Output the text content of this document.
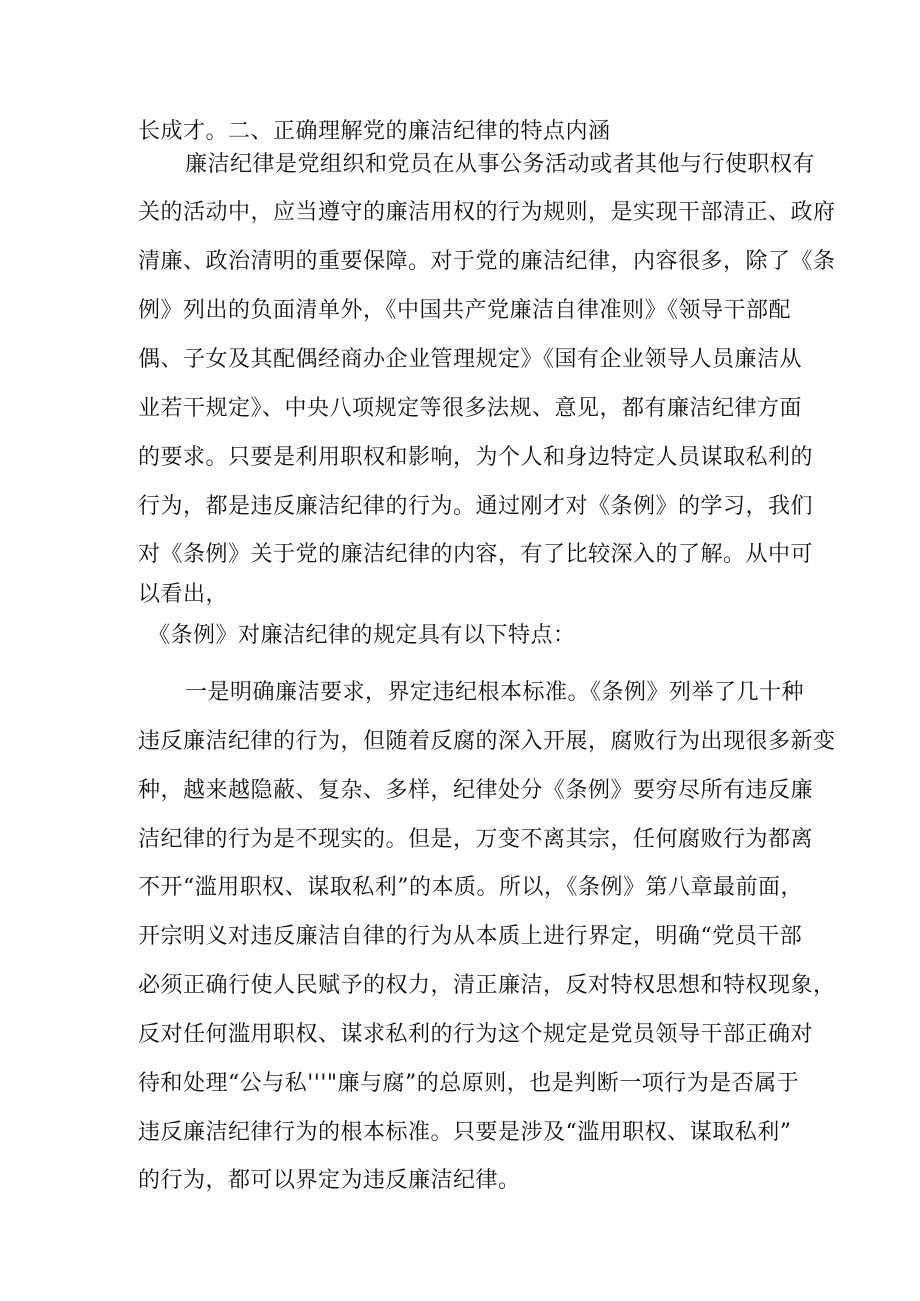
长成才。二、正确理解党的廉洁纪律的特点内涵
廉洁纪律是党组织和党员在从事公务活动或者其他与行使职权有
关的活动中，应当遵守的廉洁用权的行为规则，是实现干部清正、政府
清廉、政治清明的重要保障。对于党的廉洁纪律，内容很多，除了《条
例》列出的负面清单外，《中国共产党廉洁自律准则》《领导干部配
偶、子女及其配偶经商办企业管理规定》《国有企业领导人员廉洁从
业若干规定》、中央八项规定等很多法规、意见，都有廉洁纪律方面
的要求。只要是利用职权和影响，为个人和身边特定人员谋取私利的
行为，都是违反廉洁纪律的行为。通过刚才对《条例》的学习，我们
对《条例》关于党的廉洁纪律的内容，有了比较深入的了解。从中可
以看出，
《条例》对廉洁纪律的规定具有以下特点：
一是明确廉洁要求，界定违纪根本标准。《条例》列举了几十种
违反廉洁纪律的行为，但随着反腐的深入开展，腐败行为出现很多新变
种，越来越隐蔽、复杂、多样，纪律处分《条例》要穷尽所有违反廉
洁纪律的行为是不现实的。但是，万变不离其宗，任何腐败行为都离
不开“滥用职权、谋取私利”的本质。所以，《条例》第八章最前面，
开宗明义对违反廉洁自律的行为从本质上进行界定，明确“党员干部
必须正确行使人民赋予的权力，清正廉洁，反对特权思想和特权现象，
反对任何滥用职权、谋求私利的行为这个规定是党员领导干部正确对
待和处理“公与私'''"廉与腐”的总原则，也是判断一项行为是否属于
违反廉洁纪律行为的根本标准。只要是涉及“滥用职权、谋取私利”
的行为，都可以界定为违反廉洁纪律。
